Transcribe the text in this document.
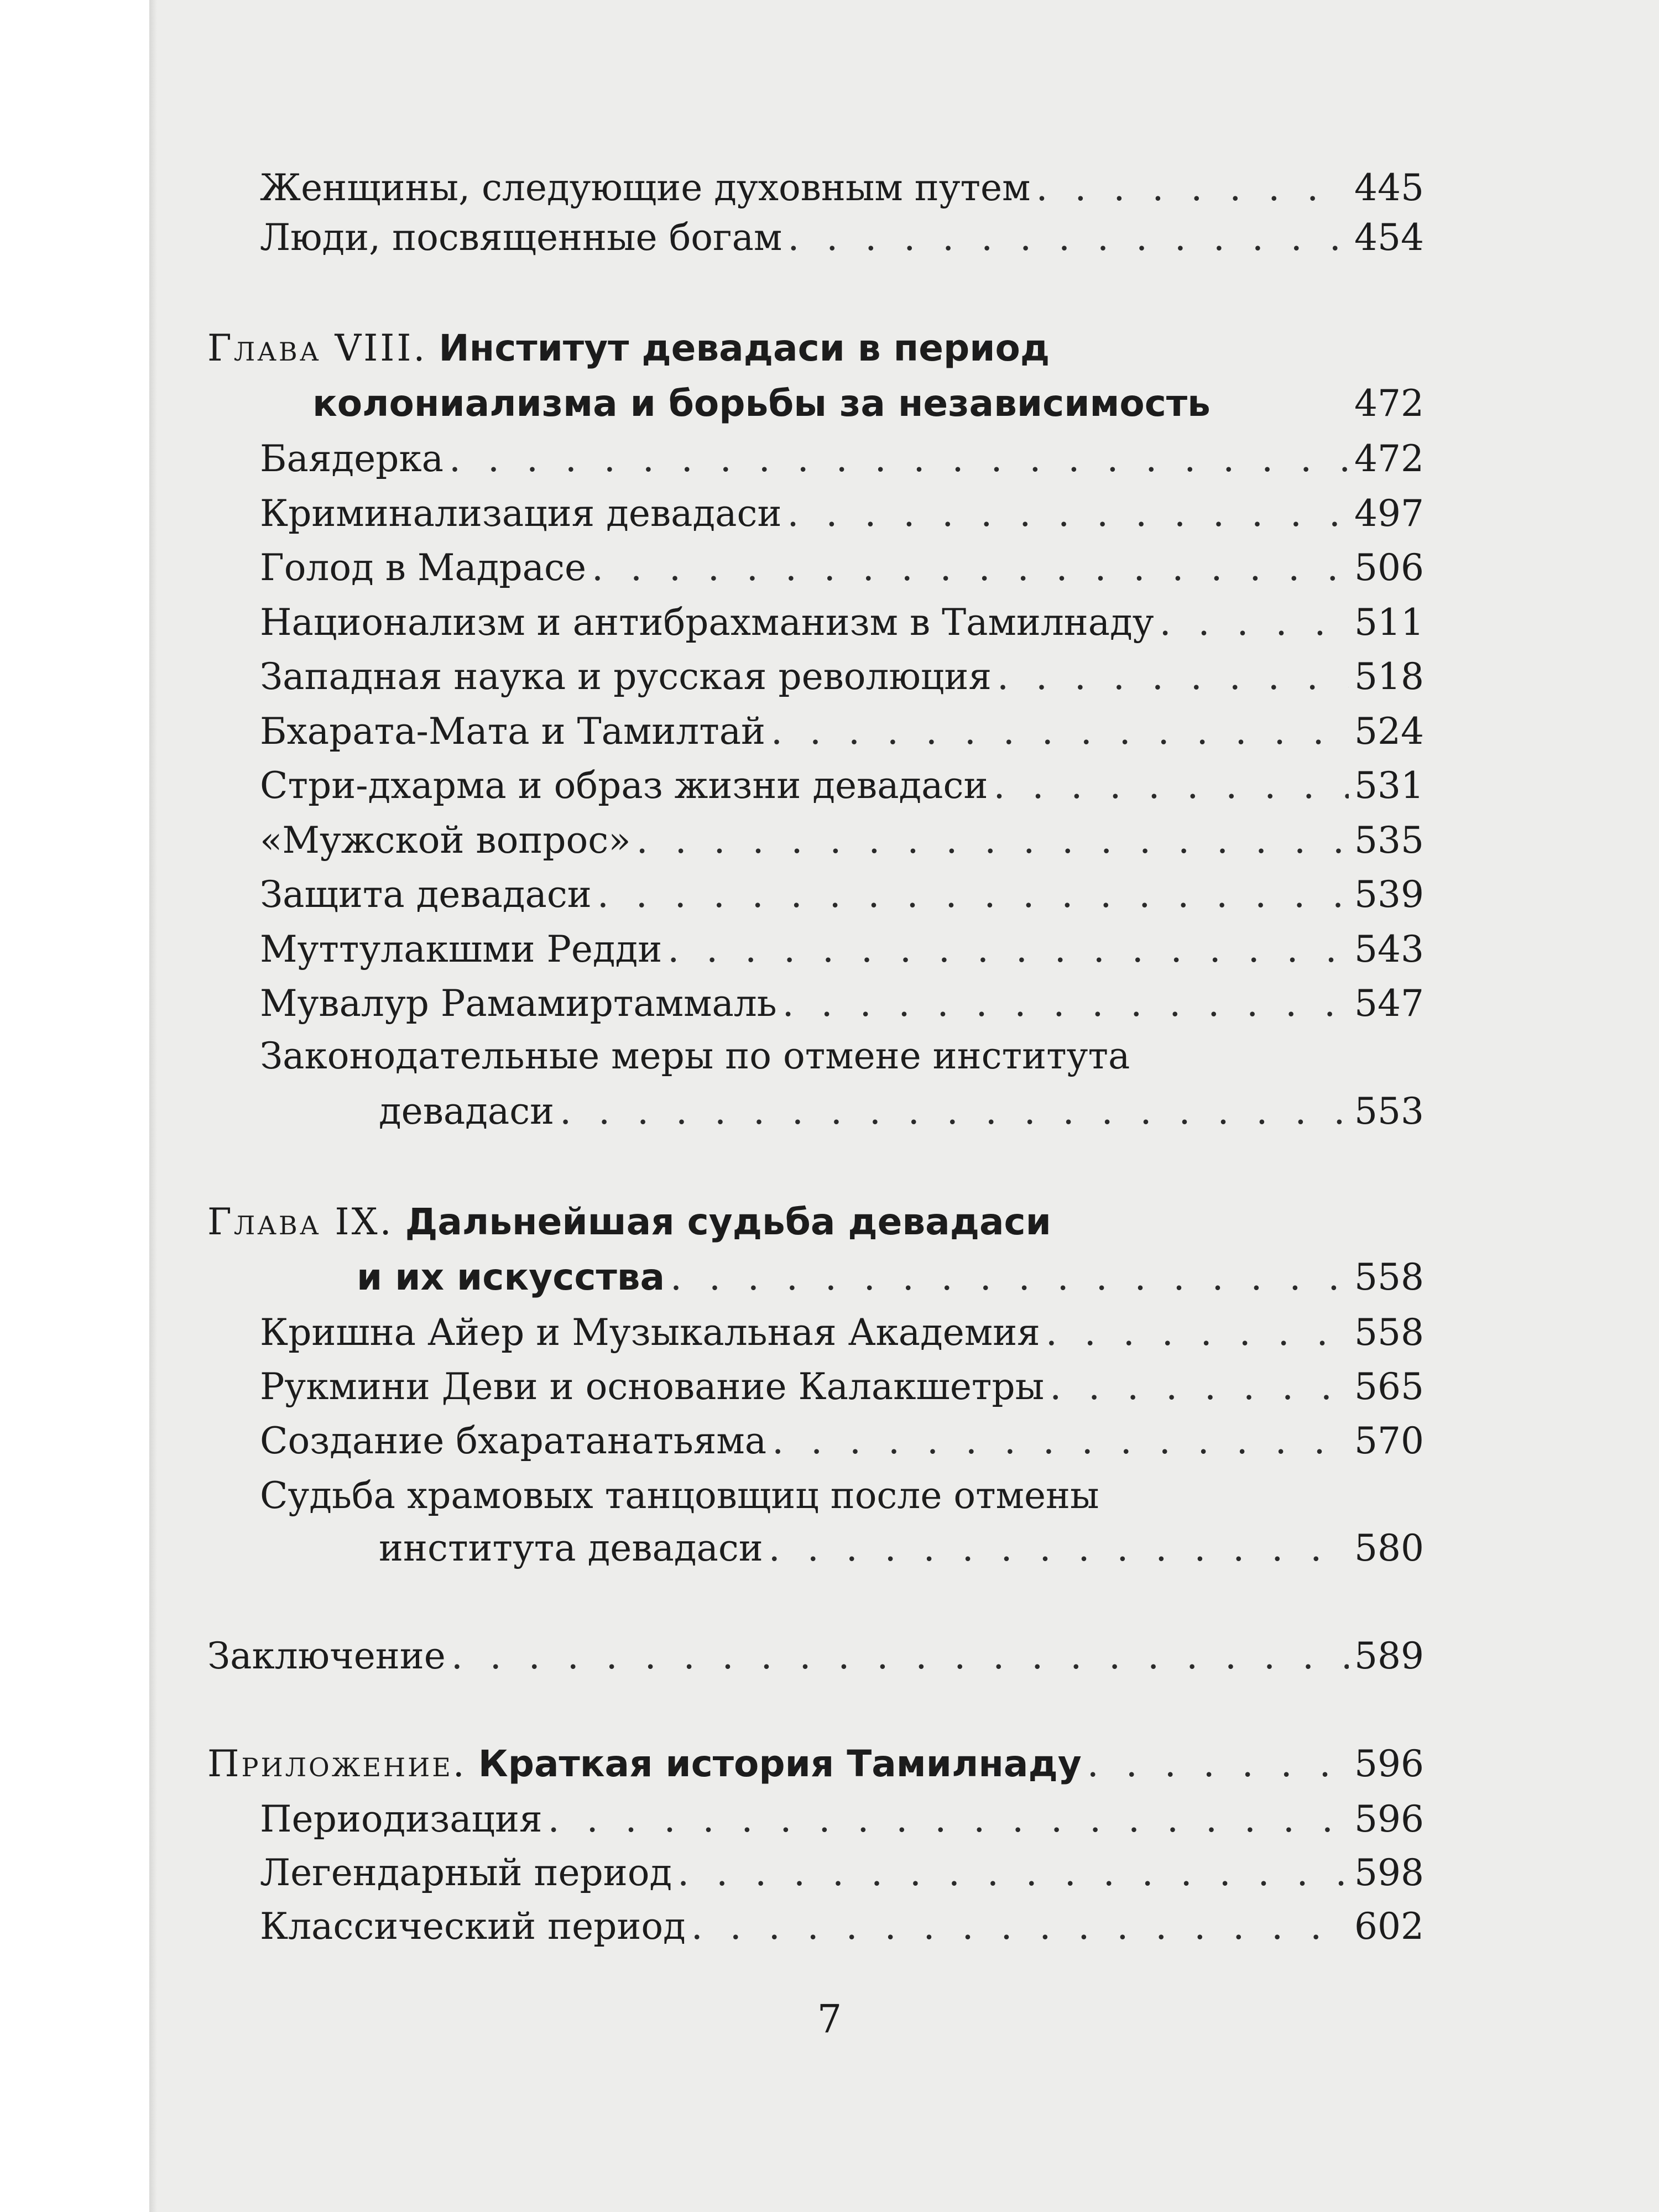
Женщины, следующие духовным путем . . .	445
Люди, посвященные богам . . .	454
Глава VIII. Институт девадаси в период
колониализма и борьбы за независимость	472
Баядерка . . .	472
Криминализация девадаси . . .	497
Голод в Мадрасе . . .	506
Национализм и антибрахманизм в Тамилнаду . . .	511
Западная наука и русская революция . . .	518
Бхарата-Мата и Тамилтай . . .	524
Стри-дхарма и образ жизни девадаси . . .	531
«Мужской вопрос» . . .	535
Защита девадаси . . .	539
Муттулакшми Редди . . .	543
Мувалур Рамамиртаммаль . . .	547
Законодательные меры по отмене института
девадаси . . .	553
Глава IX. Дальнейшая судьба девадаси
и их искусства . . .	558
Кришна Айер и Музыкальная Академия . . .	558
Рукмини Деви и основание Калакшетры . . .	565
Создание бхаратанатьяма . . .	570
Судьба храмовых танцовщиц после отмены
института девадаси . . .	580
Заключение . . .	589
Приложение. Краткая история Тамилнаду . . .	596
Периодизация . . .	596
Легендарный период . . .	598
Классический период . . .	602
7
